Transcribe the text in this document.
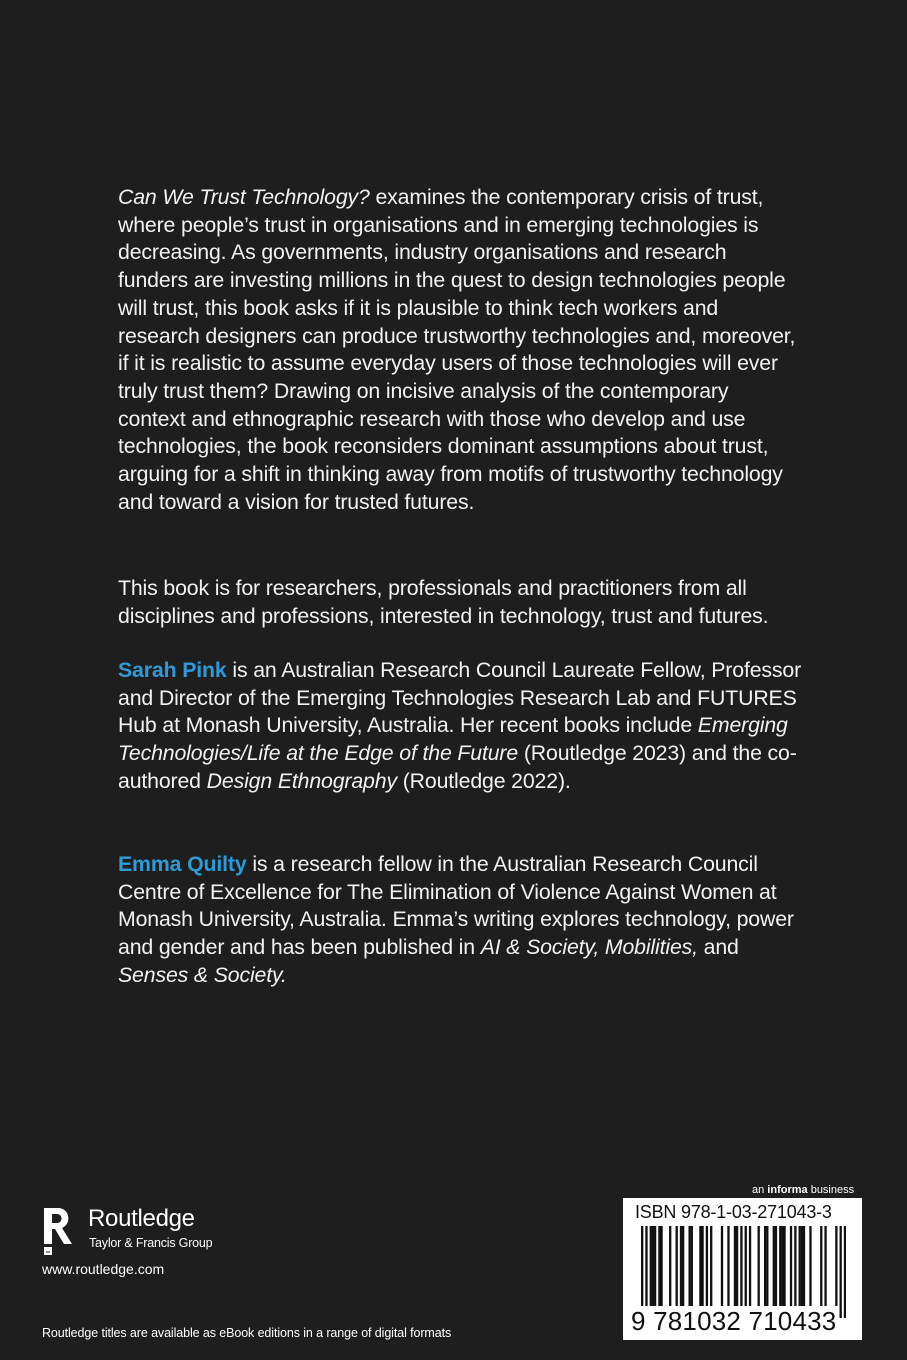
Can We Trust Technology? examines the contemporary crisis of trust, where people’s trust in organisations and in emerging technologies is decreasing. As governments, industry organisations and research funders are investing millions in the quest to design technologies people will trust, this book asks if it is plausible to think tech workers and research designers can produce trustworthy technologies and, moreover, if it is realistic to assume everyday users of those technologies will ever truly trust them? Drawing on incisive analysis of the contemporary context and ethnographic research with those who develop and use technologies, the book reconsiders dominant assumptions about trust, arguing for a shift in thinking away from motifs of trustworthy technology and toward a vision for trusted futures.
This book is for researchers, professionals and practitioners from all disciplines and professions, interested in technology, trust and futures.
Sarah Pink is an Australian Research Council Laureate Fellow, Professor and Director of the Emerging Technologies Research Lab and FUTURES Hub at Monash University, Australia. Her recent books include Emerging Technologies/Life at the Edge of the Future (Routledge 2023) and the co-authored Design Ethnography (Routledge 2022).
Emma Quilty is a research fellow in the Australian Research Council Centre of Excellence for The Elimination of Violence Against Women at Monash University, Australia. Emma’s writing explores technology, power and gender and has been published in AI & Society, Mobilities, and Senses & Society.
Routledge
Taylor & Francis Group
www.routledge.com
Routledge titles are available as eBook editions in a range of digital formats
an informa business
ISBN 978-1-03-271043-3
9 781032 710433
